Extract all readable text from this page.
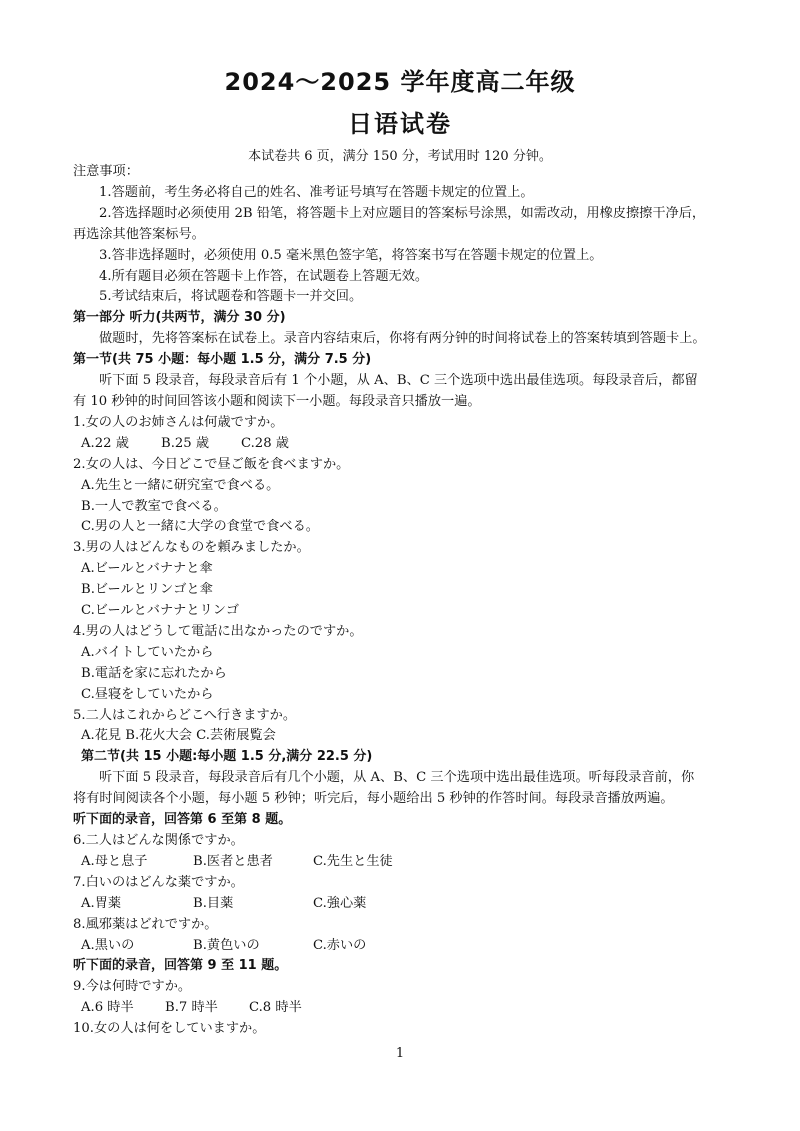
2024～2025 学年度高二年级
日语试卷
本试卷共 6 页，满分 150 分，考试用时 120 分钟。
注意事项：
1.答题前，考生务必将自己的姓名、准考证号填写在答题卡规定的位置上。
2.答选择题时必须使用 2B 铅笔，将答题卡上对应题目的答案标号涂黑，如需改动，用橡皮擦擦干净后，
再选涂其他答案标号。
3.答非选择题时，必须使用 0.5 毫米黑色签字笔，将答案书写在答题卡规定的位置上。
4.所有题目必须在答题卡上作答，在试题卷上答题无效。
5.考试结束后，将试题卷和答题卡一并交回。
第一部分 听力(共两节，满分 30 分)
做题时，先将答案标在试卷上。录音内容结束后，你将有两分钟的时间将试卷上的答案转填到答题卡上。
第一节(共 75 小题：每小题 1.5 分，满分 7.5 分)
听下面 5 段录音，每段录音后有 1 个小题，从 A、B、C 三个选项中选出最佳选项。每段录音后，都留
有 10 秒钟的时间回答该小题和阅读下一小题。每段录音只播放一遍。
1.女の人のお姉さんは何歳ですか。
A.22 歳 B.25 歳 C.28 歳
2.女の人は、今日どこで昼ご飯を食べますか。
A.先生と一緒に研究室で食べる。
B.一人で教室で食べる。
C.男の人と一緒に大学の食堂で食べる。
3.男の人はどんなものを頼みましたか。
A.ビールとバナナと傘
B.ビールとリンゴと傘
C.ビールとバナナとリンゴ
4.男の人はどうして電話に出なかったのですか。
A.バイトしていたから
B.電話を家に忘れたから
C.昼寝をしていたから
5.二人はこれからどこへ行きますか。
A.花見 B.花火大会 C.芸術展覧会
第二节(共 15 小题:每小题 1.5 分,满分 22.5 分)
听下面 5 段录音，每段录音后有几个小题，从 A、B、C 三个选项中选出最佳选项。听每段录音前，你
将有时间阅读各个小题，每小题 5 秒钟；听完后，每小题给出 5 秒钟的作答时间。每段录音播放两遍。
听下面的录音，回答第 6 至第 8 题。
6.二人はどんな関係ですか。
A.母と息子	B.医者と患者	C.先生と生徒
7.白いのはどんな薬ですか。
A.胃薬	B.目薬	C.強心薬
8.風邪薬はどれですか。
A.黒いの	B.黄色いの	C.赤いの
听下面的录音，回答第 9 至 11 题。
9.今は何時ですか。
A.6 時半 B.7 時半 C.8 時半
10.女の人は何をしていますか。
1
